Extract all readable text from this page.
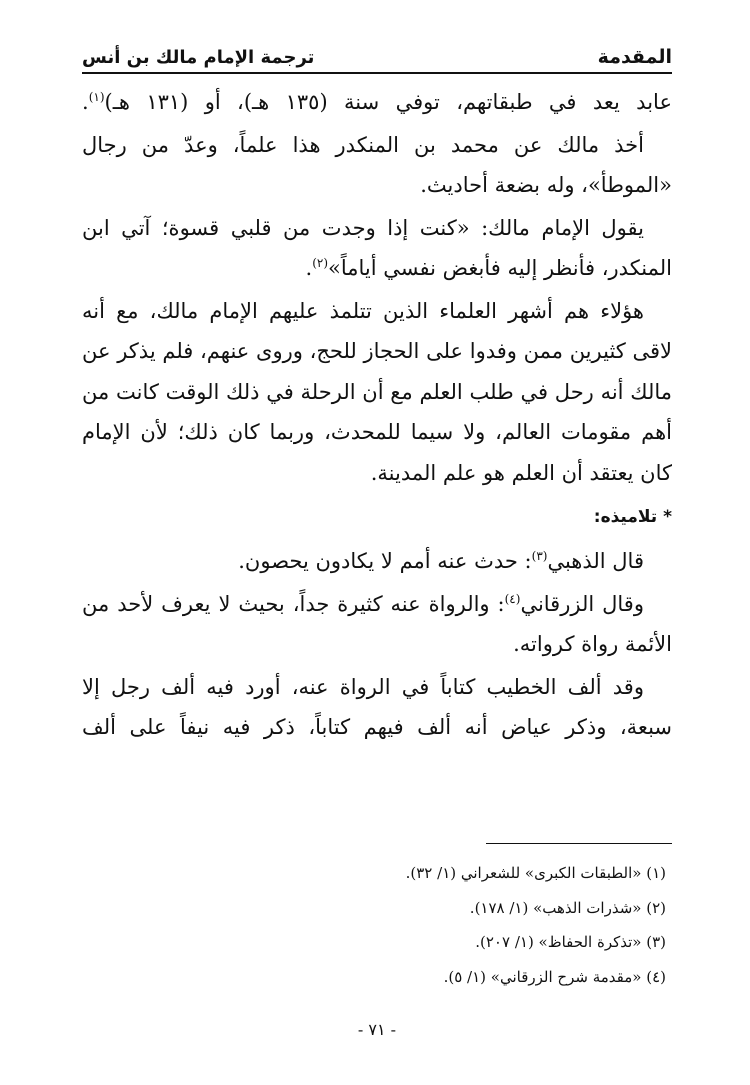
المقدمة
ترجمة الإمام مالك بن أنس

عابد يعد في طبقاتهم، توفي سنة (١٣٥ هـ)، أو (١٣١ هـ)$^{(١)}$.

أخذ مالك عن محمد بن المنكدر هذا علماً، وعدّ من رجال «الموطأ»، وله بضعة أحاديث.

يقول الإمام مالك: «كنت إذا وجدت من قلبي قسوة؛ آتي ابن المنكدر، فأنظر إليه فأبغض نفسي أياماً»$^{(٢)}$.

هؤلاء هم أشهر العلماء الذين تتلمذ عليهم الإمام مالك، مع أنه لاقى كثيرين ممن وفدوا على الحجاز للحج، وروى عنهم، فلم يذكر عن مالك أنه رحل في طلب العلم مع أن الرحلة في ذلك الوقت كانت من أهم مقومات العالم، ولا سيما للمحدث، وربما كان ذلك؛ لأن الإمام كان يعتقد أن العلم هو علم المدينة.

* تلاميذه:

قال الذهبي$^{(٣)}$: حدث عنه أمم لا يكادون يحصون.

وقال الزرقاني$^{(٤)}$: والرواة عنه كثيرة جداً، بحيث لا يعرف لأحد من الأئمة رواة كرواته.

وقد ألف الخطيب كتاباً في الرواة عنه، أورد فيه ألف رجل إلا سبعة، وذكر عياض أنه ألف فيهم كتاباً، ذكر فيه نيفاً على ألف

(١) «الطبقات الكبرى» للشعراني (١/ ٣٢).
(٢) «شذرات الذهب» (١/ ١٧٨).
(٣) «تذكرة الحفاظ» (١/ ٢٠٧).
(٤) «مقدمة شرح الزرقاني» (١/ ٥).
- ٧١ -
